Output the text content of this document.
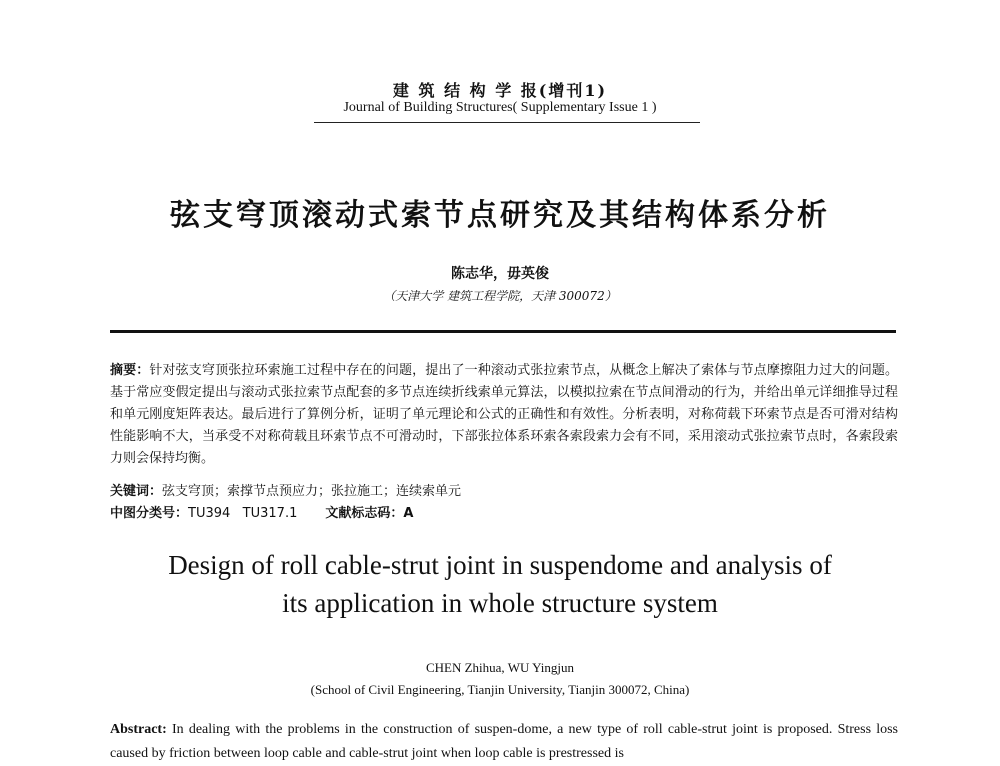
建 筑 结 构 学 报(增刊1)
Journal of Building Structures( Supplementary Issue 1 )
弦支穹顶滚动式索节点研究及其结构体系分析
陈志华，毋英俊
（天津大学 建筑工程学院，天津 300072）
摘要：针对弦支穹顶张拉环索施工过程中存在的问题，提出了一种滚动式张拉索节点，从概念上解决了索体与节点摩擦阻力过大的问题。基于常应变假定提出与滚动式张拉索节点配套的多节点连续折线索单元算法，以模拟拉索在节点间滑动的行为，并给出单元详细推导过程和单元刚度矩阵表达。最后进行了算例分析，证明了单元理论和公式的正确性和有效性。分析表明，对称荷载下环索节点是否可滑对结构性能影响不大，当承受不对称荷载且环索节点不可滑动时，下部张拉体系环索各索段索力会有不同，采用滚动式张拉索节点时，各索段索力则会保持均衡。
关键词：弦支穹顶；索撑节点预应力；张拉施工；连续索单元
中图分类号：TU394   TU317.1 文献标志码：A
Design of roll cable-strut joint in suspendome and analysis of
its application in whole structure system
CHEN Zhihua, WU Yingjun
(School of Civil Engineering, Tianjin University, Tianjin 300072, China)
Abstract: In dealing with the problems in the construction of suspen-dome, a new type of roll cable-strut joint is proposed. Stress loss caused by friction between loop cable and cable-strut joint when loop cable is prestressed is
